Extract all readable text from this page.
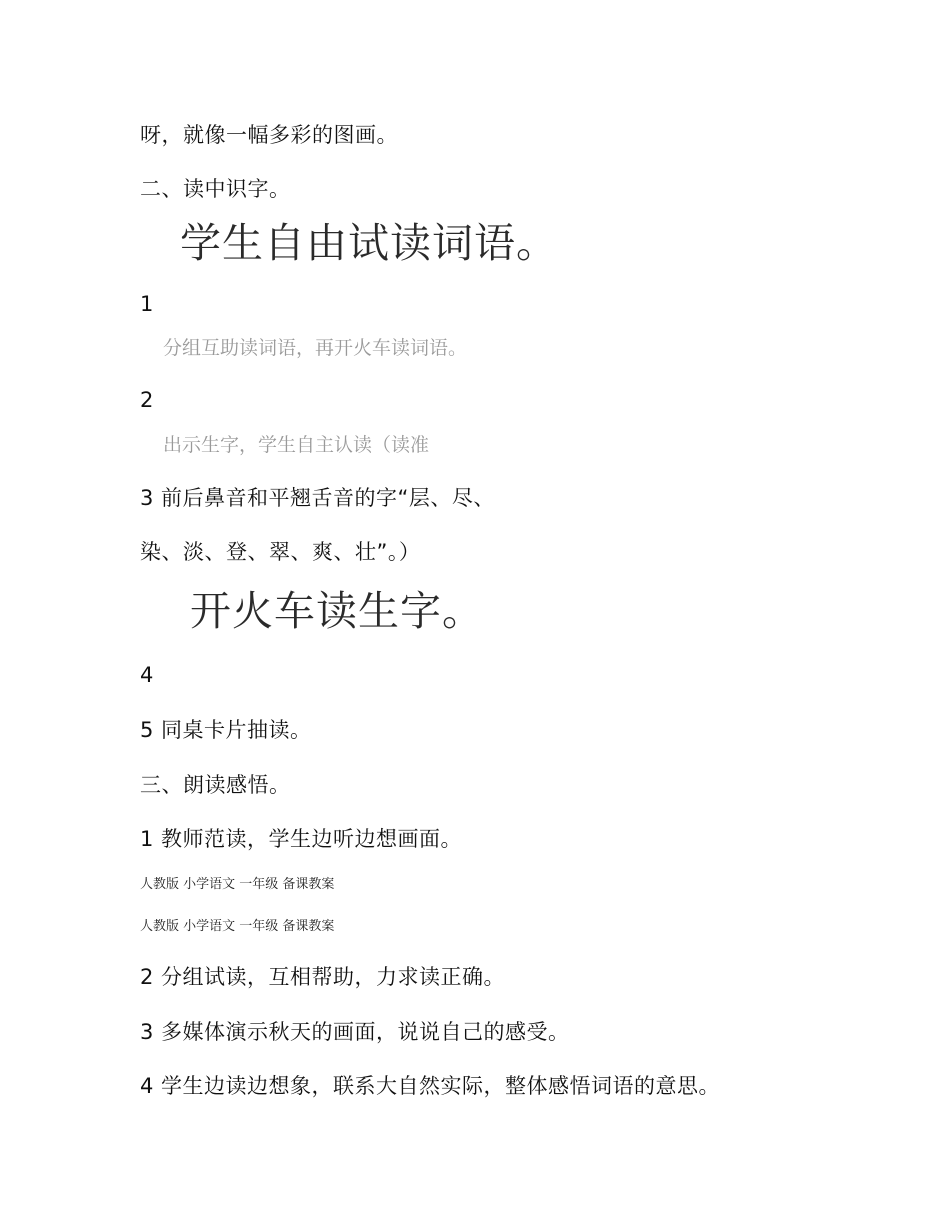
呀，就像一幅多彩的图画。
二、读中识字。
学生自由试读词语。
1
分组互助读词语，再开火车读词语。
2
出示生字，学生自主认读（读准
3 前后鼻音和平翘舌音的字“层、尽、
染、淡、登、翠、爽、壮”。）
开火车读生字。
4
5 同桌卡片抽读。
三、朗读感悟。
1 教师范读，学生边听边想画面。
人教版 小学语文 一年级 备课教案
人教版 小学语文 一年级 备课教案
2 分组试读，互相帮助，力求读正确。
3 多媒体演示秋天的画面，说说自己的感受。
4 学生边读边想象，联系大自然实际，整体感悟词语的意思。
